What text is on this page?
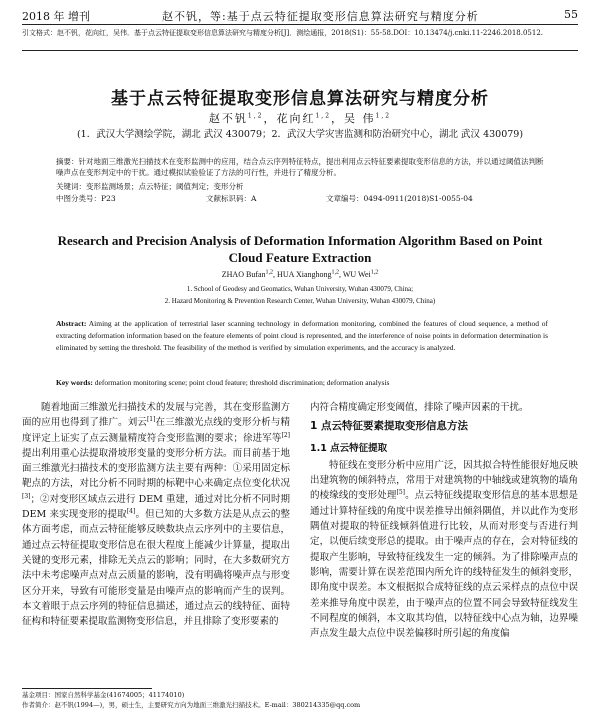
2018 年 增刊	赵不钒，等:基于点云特征提取变形信息算法研究与精度分析	55
引文格式：赵不钒，花向红，吴伟．基于点云特征提取变形信息算法研究与精度分析[J]．测绘通报，2018(S1)：55-58.DOI：10.13474/j.cnki.11-2246.2018.0512.
基于点云特征提取变形信息算法研究与精度分析
赵不钒$^{1,2}$，花向红$^{1,2}$，吴 伟$^{1,2}$
(1．武汉大学测绘学院，湖北 武汉 430079；2．武汉大学灾害监测和防治研究中心，湖北 武汉 430079)
摘要：针对地面三维激光扫描技术在变形监测中的应用，结合点云序列特征特点，提出利用点云特征要素提取变形信息的方法，并以通过阈值法判断噪声点在变形判定中的干扰。通过模拟试验验证了方法的可行性，并进行了精度分析。
关键词：变形监测场景；点云特征；阈值判定；变形分析
中图分类号：P23	文献标识码：A	文章编号：0494-0911(2018)S1-0055-04
Research and Precision Analysis of Deformation Information Algorithm Based on Point Cloud Feature Extraction
ZHAO Bufan$^{1,2}$, HUA Xianghong$^{1,2}$, WU Wei$^{1,2}$
1. School of Geodesy and Geomatics, Wuhan University, Wuhan 430079, China;
2. Hazard Monitoring & Prevention Research Center, Wuhan University, Wuhan 430079, China)
Abstract: Aiming at the application of terrestrial laser scanning technology in deformation monitoring, combined the features of cloud sequence, a method of extracting deformation information based on the feature elements of point cloud is represented, and the interference of noise points in deformation determination is eliminated by setting the threshold. The feasibility of the method is verified by simulation experiments, and the accuracy is analyzed.
Key words: deformation monitoring scene; point cloud feature; threshold discrimination; deformation analysis

随着地面三维激光扫描技术的发展与完善，其在变形监测方面的应用也得到了推广。刘云[1]在三维激光点线的变形分析与精度评定上证实了点云测量精度符合变形监测的要求；徐进军等[2]提出利用重心法提取滑坡形变量的变形分析方法。而目前基于地面三维激光扫描技术的变形监测方法主要有两种：①采用固定标靶点的方法，对比分析不同时期的标靶中心来确定点位变化状况[3]；②对变形区域点云进行 DEM 重建，通过对比分析不同时期 DEM 来实现变形的提取[4]。但已知的大多数方法是从点云的整体方面考虑，而点云特征能够反映数块点云序列中的主要信息，通过点云特征提取变形信息在很大程度上能减少计算量，提取出关键的变形元素，排除无关点云的影响；同时，在大多数研究方法中未考虑噪声点对点云质量的影响，没有明确将噪声点与形变区分开来，导致有可能形变量是由噪声点的影响而产生的误判。本文着眼于点云序列的特征信息描述，通过点云的线特征、面特征构和特征要素提取监测物变形信息，并且排除了变形要素的

内符合精度确定形变阈值，排除了噪声因素的干扰。

1 点云特征要素提取变形信息方法
1.1 点云特征提取

特征线在变形分析中应用广泛，因其拟合特性能很好地反映出建筑物的倾斜特点，常用于对建筑物的中轴线或建筑物的墙角的棱缘线的变形处理[5]。点云特征线提取变形信息的基本思想是通过计算特征线的角度中误差推导出倾斜隅值，并以此作为变形隅值对提取的特征线倾斜值进行比较，从而对形变与否进行判定，以便后续变形总的提取。由于噪声点的存在，会对特征线的提取产生影响，导致特征线发生一定的倾斜。为了排除噪声点的影响，需要计算在误差范围内所允许的线特征发生的倾斜变形，即角度中误差。本文根据拟合成特征线的点云采样点的点位中误差来推导角度中误差，由于噪声点的位置不同会导致特征线发生不同程度的倾斜，本文取其均值，以特征线中心点为轴，边界噪声点发生最大点位中误差偏移时所引起的角度偏

基金项目：国家自然科学基金(41674005；41174010)
作者简介：赵不钒(1994—)，男，硕士生，主要研究方向为地面三维激光扫描技术。E-mail：380214335@qq.com
